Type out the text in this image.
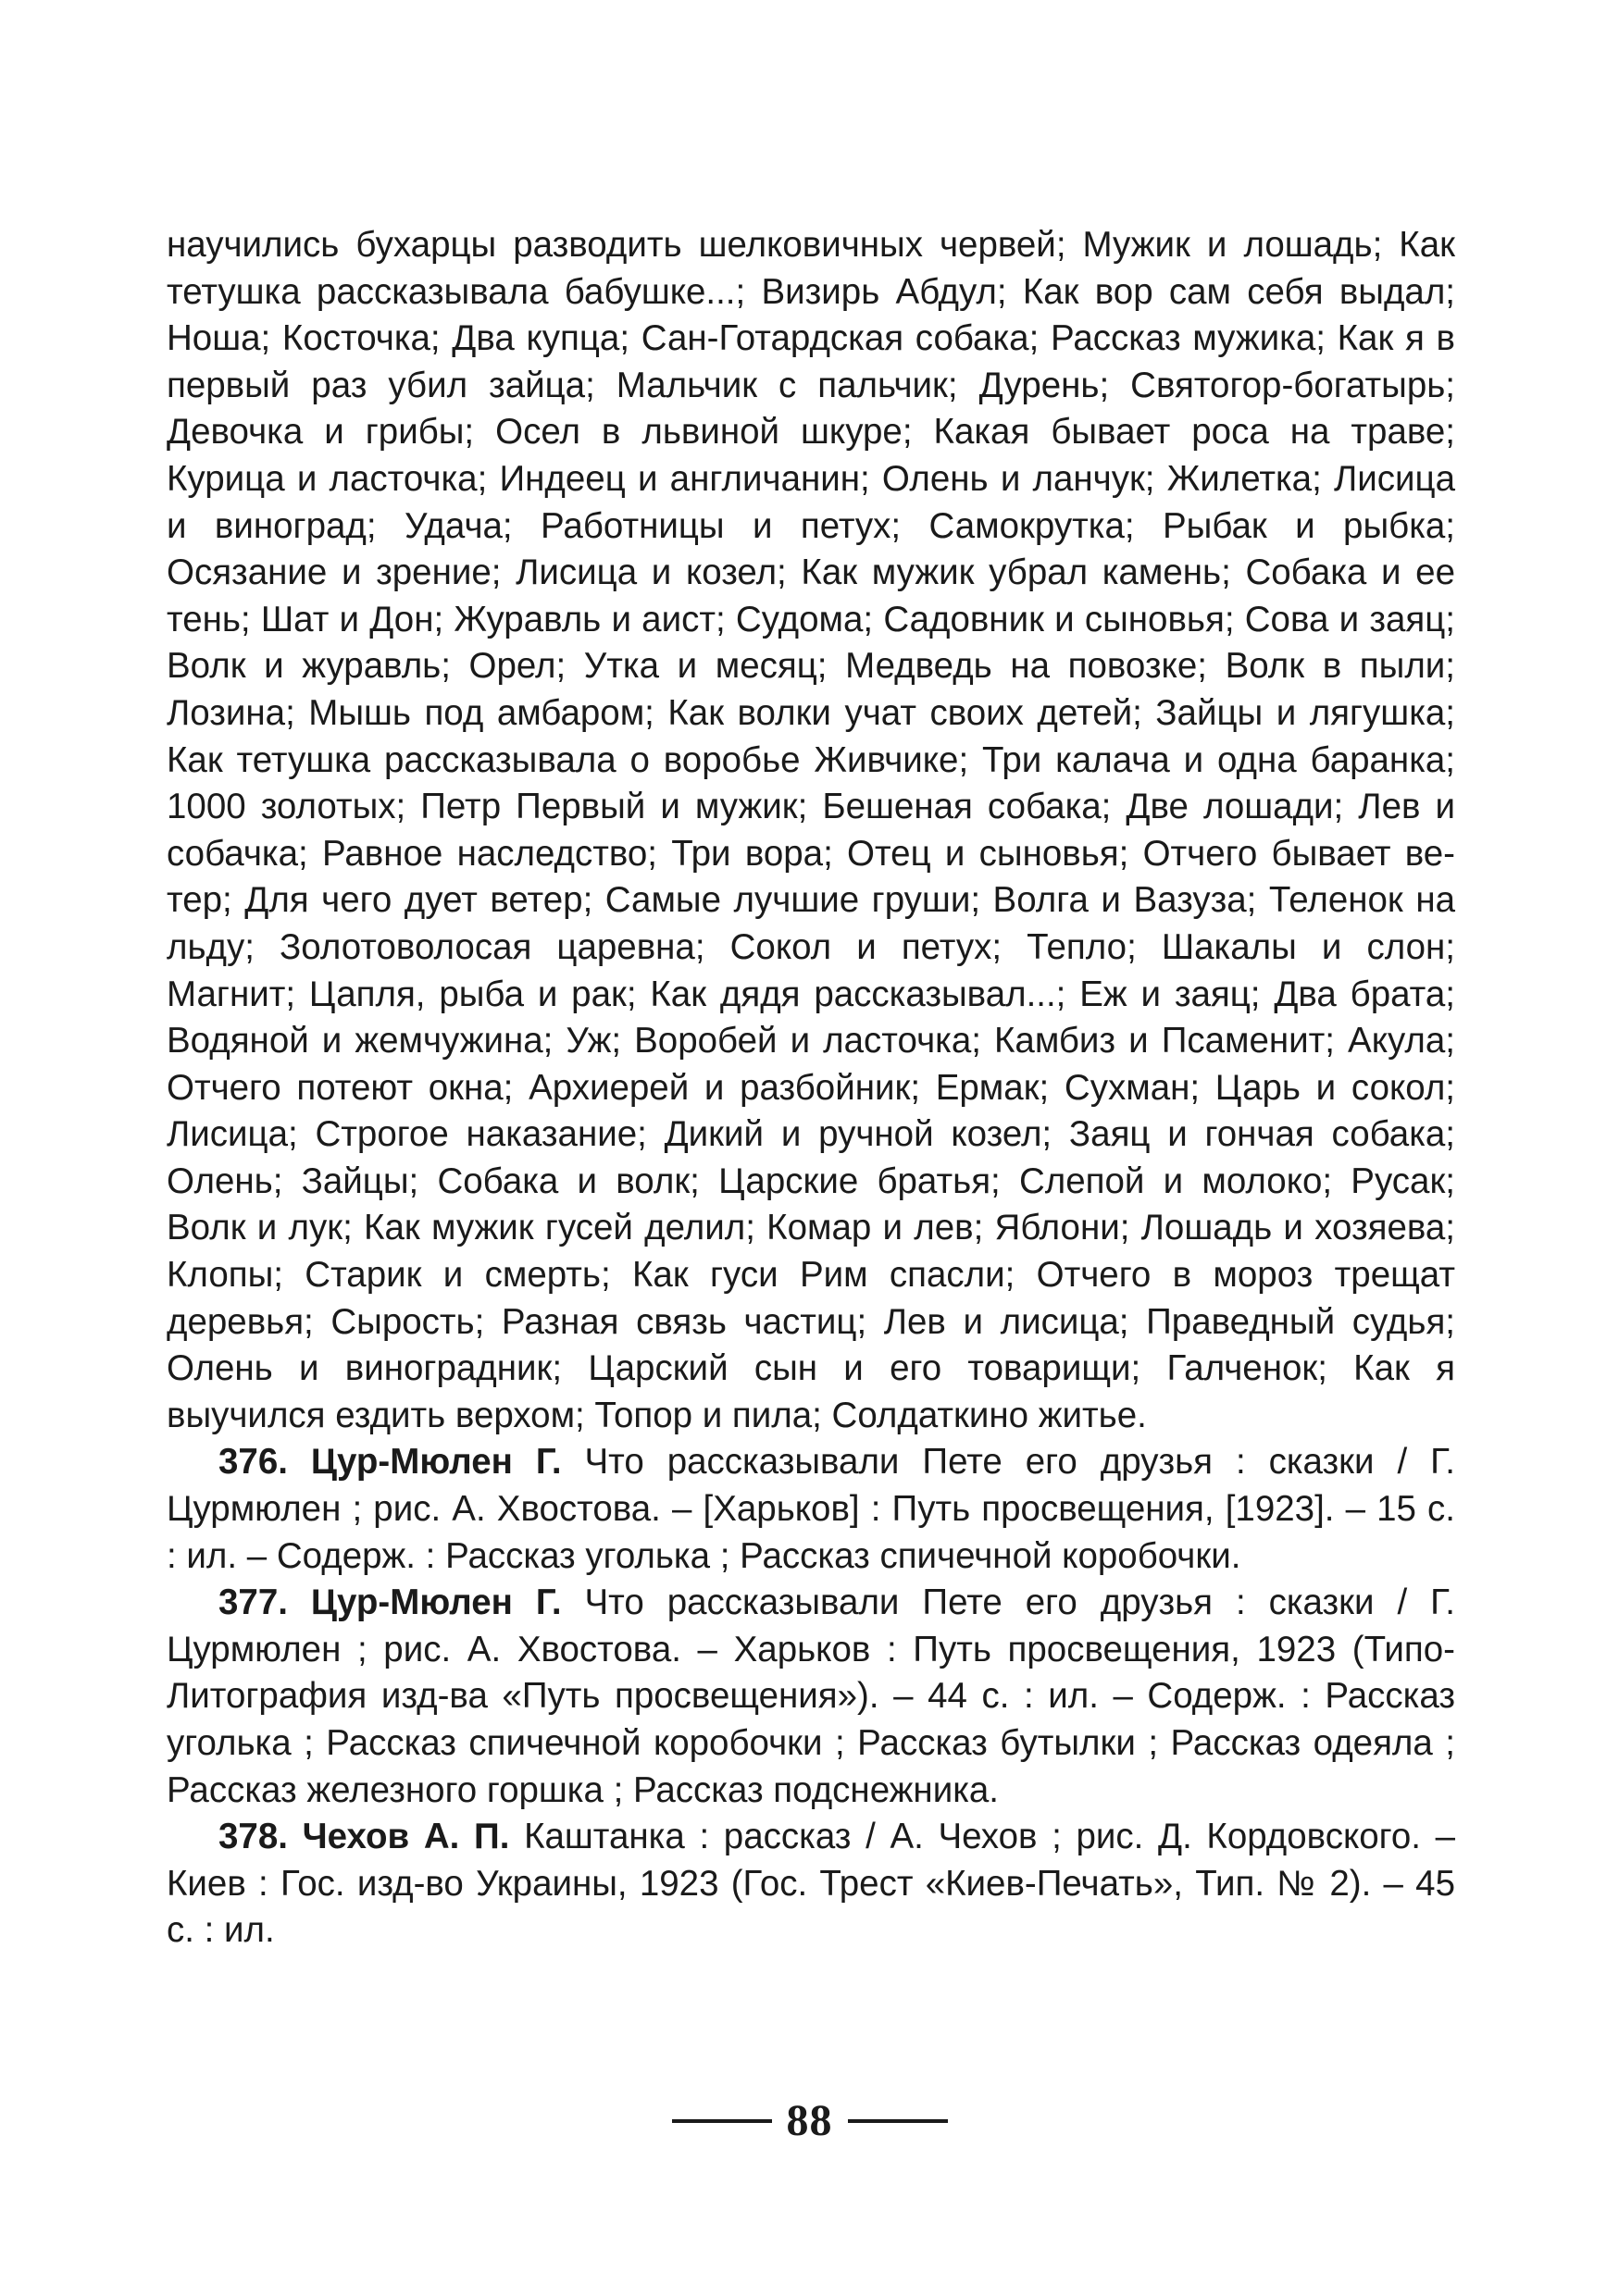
научились бухарцы разводить шелковичных червей; Мужик и лошадь; Как тетушка рассказывала бабушке...; Визирь Абдул; Как вор сам себя выдал; Ноша; Косточка; Два купца; Сан-Готардская собака; Рассказ мужика; Как я в первый раз убил зайца; Мальчик с пальчик; Дурень; Святогор-богатырь; Девочка и грибы; Осел в львиной шкуре; Какая бывает роса на траве; Курица и ласточка; Индеец и англичанин; Олень и ланчук; Жилетка; Лисица и виноград; Удача; Работницы и петух; Самокрутка; Рыбак и рыбка; Осязание и зрение; Лисица и козел; Как мужик убрал камень; Собака и ее тень; Шат и Дон; Журавль и аист; Судома; Садовник и сыновья; Сова и заяц; Волк и журавль; Орел; Утка и месяц; Медведь на повозке; Волк в пыли; Лозина; Мышь под амбаром; Как волки учат своих детей; Зайцы и лягушка; Как тетушка рассказывала о воробье Живчике; Три калача и одна баранка; 1000 золотых; Петр Первый и мужик; Бешеная собака; Две лошади; Лев и собачка; Равное наследство; Три вора; Отец и сыновья; Отчего бывает ветер; Для чего дует ветер; Самые лучшие груши; Волга и Вазуза; Теленок на льду; Золотоволосая царевна; Сокол и петух; Тепло; Шакалы и слон; Магнит; Цапля, рыба и рак; Как дядя рассказывал...; Еж и заяц; Два брата; Водяной и жемчужина; Уж; Воробей и ласточка; Камбиз и Псаменит; Акула; Отчего потеют окна; Архиерей и разбойник; Ермак; Сухман; Царь и сокол; Лисица; Строгое наказание; Дикий и ручной козел; Заяц и гончая собака; Олень; Зайцы; Собака и волк; Царские братья; Слепой и молоко; Русак; Волк и лук; Как мужик гусей делил; Комар и лев; Яблони; Лошадь и хозяева; Клопы; Старик и смерть; Как гуси Рим спасли; Отчего в мороз трещат деревья; Сырость; Разная связь частиц; Лев и лисица; Праведный судья; Олень и виноградник; Царский сын и его товарищи; Галченок; Как я выучился ездить верхом; Топор и пила; Солдаткино житье.

376. Цур-Мюлен Г. Что рассказывали Пете его друзья : сказки / Г. Цурмюлен ; рис. А. Хвостова. – [Харьков] : Путь просвещения, [1923]. – 15 с. : ил. – Содерж. : Рассказ уголька ; Рассказ спичечной коробочки.

377. Цур-Мюлен Г. Что рассказывали Пете его друзья : сказки / Г. Цурмюлен ; рис. А. Хвостова. – Харьков : Путь просвещения, 1923 (Типо-Литография изд-ва «Путь просвещения»). – 44 с. : ил. – Содерж. : Рассказ уголька ; Рассказ спичечной коробочки ; Рассказ бутылки ; Рассказ одеяла ; Рассказ железного горшка ; Рассказ подснежника.

378. Чехов А. П. Каштанка : рассказ / А. Чехов ; рис. Д. Кордовского. – Киев : Гос. изд-во Украины, 1923 (Гос. Трест «Киев-Печать», Тип. № 2). – 45 с. : ил.

88
